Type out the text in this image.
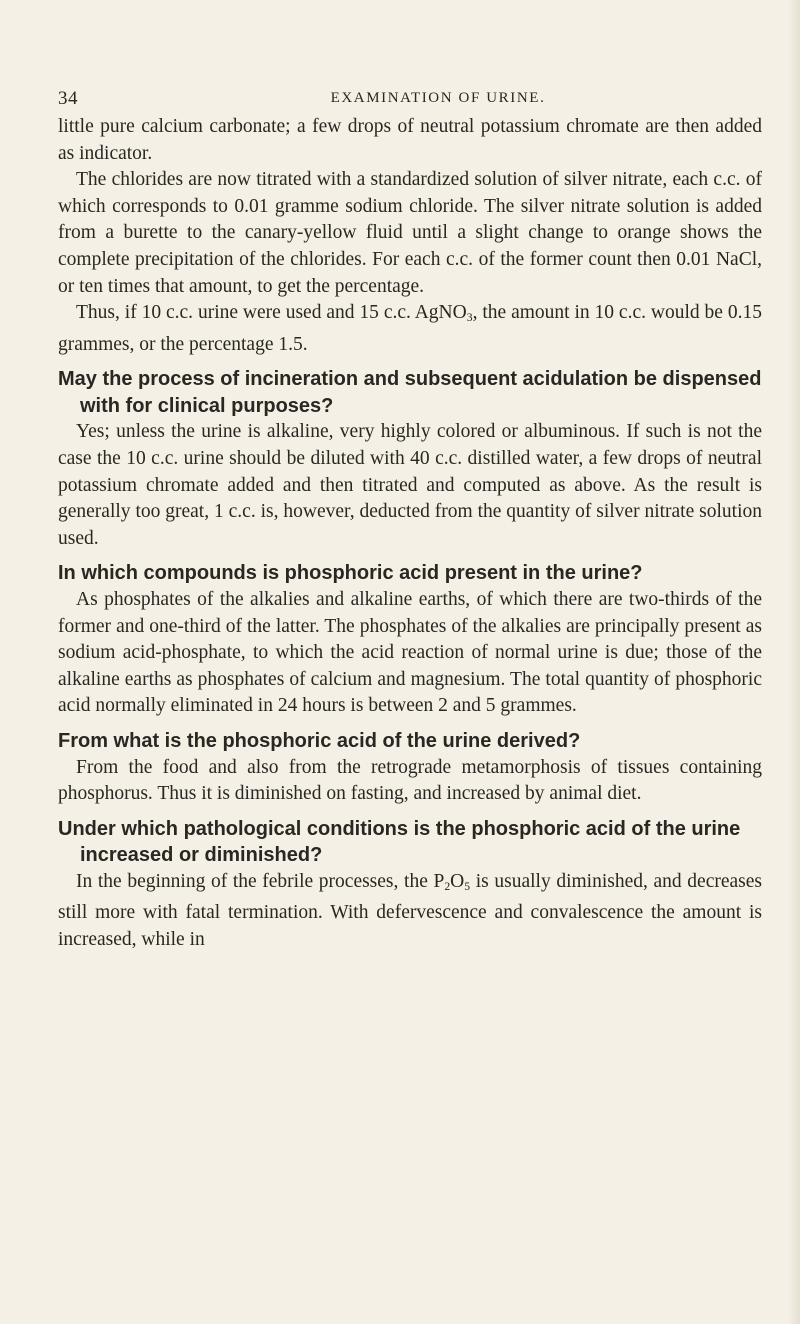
34	EXAMINATION OF URINE.

little pure calcium carbonate; a few drops of neutral potassium chromate are then added as indicator.

The chlorides are now titrated with a standardized solution of silver nitrate, each c.c. of which corresponds to 0.01 gramme sodium chloride. The silver nitrate solution is added from a burette to the canary-yellow fluid until a slight change to orange shows the complete precipitation of the chlorides. For each c.c. of the former count then 0.01 NaCl, or ten times that amount, to get the percentage.

Thus, if 10 c.c. urine were used and 15 c.c. AgNO$_3$, the amount in 10 c.c. would be 0.15 grammes, or the percentage 1.5.

May the process of incineration and subsequent acidulation be dispensed with for clinical purposes?

Yes; unless the urine is alkaline, very highly colored or albuminous. If such is not the case the 10 c.c. urine should be diluted with 40 c.c. distilled water, a few drops of neutral potassium chromate added and then titrated and computed as above. As the result is generally too great, 1 c.c. is, however, deducted from the quantity of silver nitrate solution used.

In which compounds is phosphoric acid present in the urine?

As phosphates of the alkalies and alkaline earths, of which there are two-thirds of the former and one-third of the latter. The phosphates of the alkalies are principally present as sodium acid-phosphate, to which the acid reaction of normal urine is due; those of the alkaline earths as phosphates of calcium and magnesium. The total quantity of phosphoric acid normally eliminated in 24 hours is between 2 and 5 grammes.

From what is the phosphoric acid of the urine derived?

From the food and also from the retrograde metamorphosis of tissues containing phosphorus. Thus it is diminished on fasting, and increased by animal diet.

Under which pathological conditions is the phosphoric acid of the urine increased or diminished?

In the beginning of the febrile processes, the $P_2O_5$ is usually diminished, and decreases still more with fatal termination. With defervescence and convalescence the amount is increased, while in
